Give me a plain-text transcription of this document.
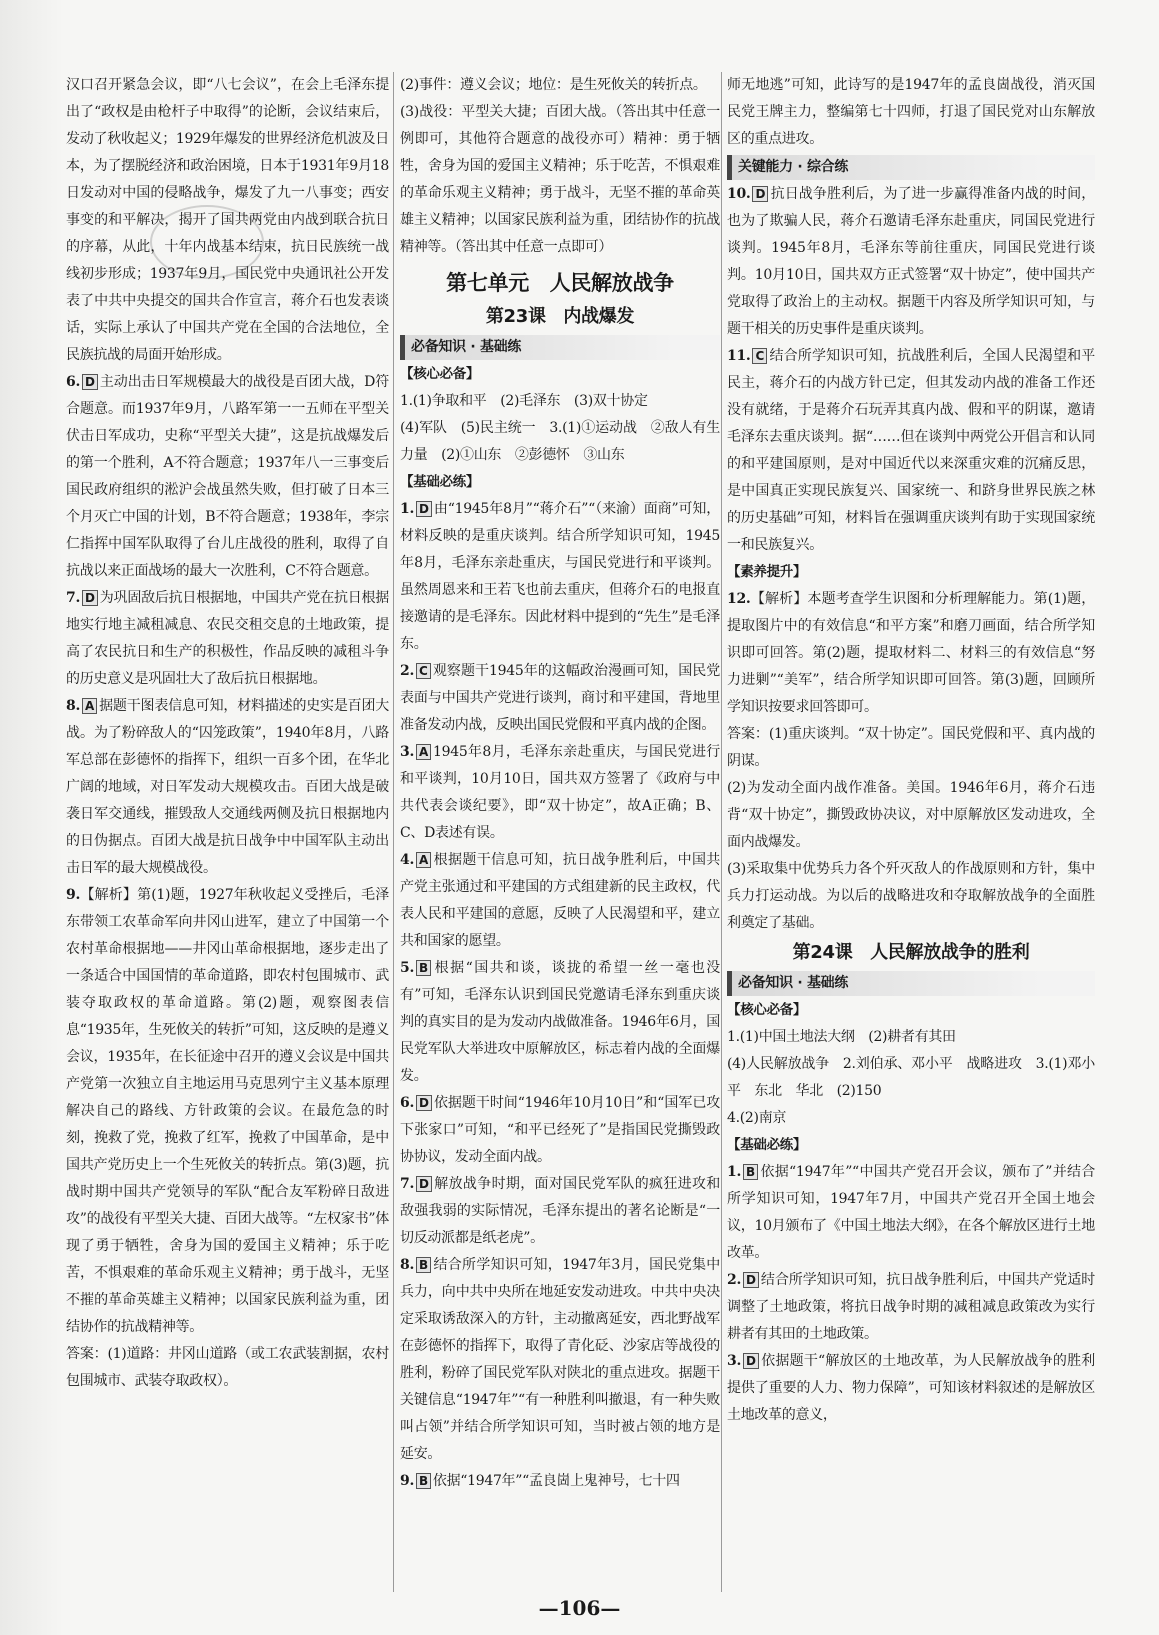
汉口召开紧急会议，即“八七会议”，在会上毛泽东提出了“政权是由枪杆子中取得”的论断，会议结束后，发动了秋收起义；1929年爆发的世界经济危机波及日本，为了摆脱经济和政治困境，日本于1931年9月18日发动对中国的侵略战争，爆发了九一八事变；西安事变的和平解决，揭开了国共两党由内战到联合抗日的序幕，从此，十年内战基本结束，抗日民族统一战线初步形成；1937年9月，国民党中央通讯社公开发表了中共中央提交的国共合作宣言，蒋介石也发表谈话，实际上承认了中国共产党在全国的合法地位，全民族抗战的局面开始形成。

6. D 主动出击日军规模最大的战役是百团大战，D符合题意。而1937年9月，八路军第一一五师在平型关伏击日军成功，史称“平型关大捷”，这是抗战爆发后的第一个胜利，A不符合题意；1937年八一三事变后国民政府组织的淞沪会战虽然失败，但打破了日本三个月灭亡中国的计划，B不符合题意；1938年，李宗仁指挥中国军队取得了台儿庄战役的胜利，取得了自抗战以来正面战场的最大一次胜利，C不符合题意。

7. D 为巩固敌后抗日根据地，中国共产党在抗日根据地实行地主减租减息、农民交租交息的土地政策，提高了农民抗日和生产的积极性，作品反映的减租斗争的历史意义是巩固壮大了敌后抗日根据地。

8. A 据题干图表信息可知，材料描述的史实是百团大战。为了粉碎敌人的“囚笼政策”，1940年8月，八路军总部在彭德怀的指挥下，组织一百多个团，在华北广阔的地域，对日军发动大规模攻击。百团大战是破袭日军交通线，摧毁敌人交通线两侧及抗日根据地内的日伪据点。百团大战是抗日战争中中国军队主动出击日军的最大规模战役。

9.【解析】第(1)题，1927年秋收起义受挫后，毛泽东带领工农革命军向井冈山进军，建立了中国第一个农村革命根据地——井冈山革命根据地，逐步走出了一条适合中国国情的革命道路，即农村包围城市、武装夺取政权的革命道路。第(2)题，观察图表信息“1935年，生死攸关的转折”可知，这反映的是遵义会议，1935年，在长征途中召开的遵义会议是中国共产党第一次独立自主地运用马克思列宁主义基本原理解决自己的路线、方针政策的会议。在最危急的时刻，挽救了党，挽救了红军，挽救了中国革命，是中国共产党历史上一个生死攸关的转折点。第(3)题，抗战时期中国共产党领导的军队“配合友军粉碎日敌进攻”的战役有平型关大捷、百团大战等。“左权家书”体现了勇于牺牲，舍身为国的爱国主义精神；乐于吃苦，不惧艰难的革命乐观主义精神；勇于战斗，无坚不摧的革命英雄主义精神；以国家民族利益为重，团结协作的抗战精神等。

答案：(1)道路：井冈山道路（或工农武装割据，农村包围城市、武装夺取政权）。

(2)事件：遵义会议；地位：是生死攸关的转折点。

(3)战役：平型关大捷；百团大战。（答出其中任意一例即可，其他符合题意的战役亦可）精神：勇于牺牲，舍身为国的爱国主义精神；乐于吃苦，不惧艰难的革命乐观主义精神；勇于战斗，无坚不摧的革命英雄主义精神；以国家民族利益为重，团结协作的抗战精神等。（答出其中任意一点即可）

第七单元　人民解放战争
第23课　内战爆发
必备知识 · 基础练
【核心必备】

1.(1)争取和平　(2)毛泽东　(3)双十协定

(4)军队　(5)民主统一　3.(1)①运动战　②敌人有生力量　(2)①山东　②彭德怀　③山东

【基础必练】

1. D 由“1945年8月”“蒋介石”“（来渝）面商”可知，材料反映的是重庆谈判。结合所学知识可知，1945年8月，毛泽东亲赴重庆，与国民党进行和平谈判。虽然周恩来和王若飞也前去重庆，但蒋介石的电报直接邀请的是毛泽东。因此材料中提到的“先生”是毛泽东。

2. C 观察题干1945年的这幅政治漫画可知，国民党表面与中国共产党进行谈判，商讨和平建国，背地里准备发动内战，反映出国民党假和平真内战的企图。

3. A 1945年8月，毛泽东亲赴重庆，与国民党进行和平谈判，10月10日，国共双方签署了《政府与中共代表会谈纪要》，即“双十协定”，故A正确；B、C、D表述有误。

4. A 根据题干信息可知，抗日战争胜利后，中国共产党主张通过和平建国的方式组建新的民主政权，代表人民和平建国的意愿，反映了人民渴望和平，建立共和国家的愿望。

5. B 根据“国共和谈，谈拢的希望一丝一毫也没有”可知，毛泽东认识到国民党邀请毛泽东到重庆谈判的真实目的是为发动内战做准备。1946年6月，国民党军队大举进攻中原解放区，标志着内战的全面爆发。

6. D 依据题干时间“1946年10月10日”和“国军已攻下张家口”可知，“和平已经死了”是指国民党撕毁政协协议，发动全面内战。

7. D 解放战争时期，面对国民党军队的疯狂进攻和敌强我弱的实际情况，毛泽东提出的著名论断是“一切反动派都是纸老虎”。

8. B 结合所学知识可知，1947年3月，国民党集中兵力，向中共中央所在地延安发动进攻。中共中央决定采取诱敌深入的方针，主动撤离延安，西北野战军在彭德怀的指挥下，取得了青化砭、沙家店等战役的胜利，粉碎了国民党军队对陕北的重点进攻。据题干关键信息“1947年”“有一种胜利叫撤退，有一种失败叫占领”并结合所学知识可知，当时被占领的地方是延安。

9. B 依据“1947年”“孟良崮上鬼神号，七十四

师无地逃”可知，此诗写的是1947年的孟良崮战役，消灭国民党王牌主力，整编第七十四师，打退了国民党对山东解放区的重点进攻。

关键能力 · 综合练

10. D 抗日战争胜利后，为了进一步赢得准备内战的时间，也为了欺骗人民，蒋介石邀请毛泽东赴重庆，同国民党进行谈判。1945年8月，毛泽东等前往重庆，同国民党进行谈判。10月10日，国共双方正式签署“双十协定”，使中国共产党取得了政治上的主动权。据题干内容及所学知识可知，与题干相关的历史事件是重庆谈判。

11. C 结合所学知识可知，抗战胜利后，全国人民渴望和平民主，蒋介石的内战方针已定，但其发动内战的准备工作还没有就绪，于是蒋介石玩弄其真内战、假和平的阴谋，邀请毛泽东去重庆谈判。据“……但在谈判中两党公开倡言和认同的和平建国原则，是对中国近代以来深重灾难的沉痛反思，是中国真正实现民族复兴、国家统一、和跻身世界民族之林的历史基础”可知，材料旨在强调重庆谈判有助于实现国家统一和民族复兴。

【素养提升】

12.【解析】本题考查学生识图和分析理解能力。第(1)题，提取图片中的有效信息“和平方案”和磨刀画面，结合所学知识即可回答。第(2)题，提取材料二、材料三的有效信息“努力进剿”“美军”，结合所学知识即可回答。第(3)题，回顾所学知识按要求回答即可。

答案：(1)重庆谈判。“双十协定”。国民党假和平、真内战的阴谋。

(2)为发动全面内战作准备。美国。1946年6月，蒋介石违背“双十协定”，撕毁政协决议，对中原解放区发动进攻，全面内战爆发。

(3)采取集中优势兵力各个歼灭敌人的作战原则和方针，集中兵力打运动战。为以后的战略进攻和夺取解放战争的全面胜利奠定了基础。

第24课　人民解放战争的胜利
必备知识 · 基础练
【核心必备】

1.(1)中国土地法大纲　(2)耕者有其田

(4)人民解放战争　2.刘伯承、邓小平　战略进攻　3.(1)邓小平　东北　华北　(2)150

4.(2)南京

【基础必练】

1. B 依据“1947年”“中国共产党召开会议，颁布了”并结合所学知识可知，1947年7月，中国共产党召开全国土地会议，10月颁布了《中国土地法大纲》，在各个解放区进行土地改革。

2. D 结合所学知识可知，抗日战争胜利后，中国共产党适时调整了土地政策，将抗日战争时期的减租减息政策改为实行耕者有其田的土地政策。

3. D 依据题干“解放区的土地改革，为人民解放战争的胜利提供了重要的人力、物力保障”，可知该材料叙述的是解放区土地改革的意义，

—106—
